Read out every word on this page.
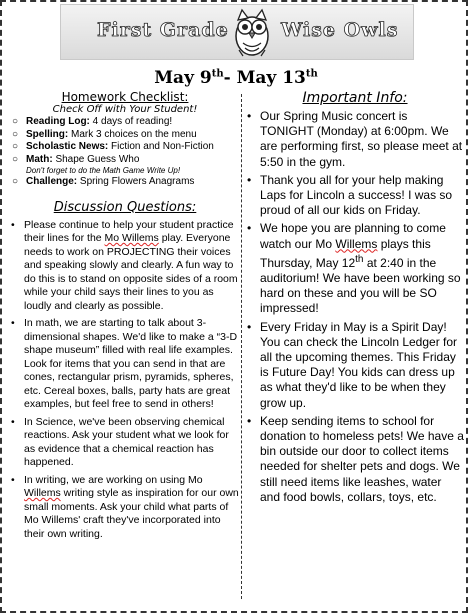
First Grade	Wise Owls
May 9th- May 13th
Homework Checklist:
Check Off with Your Student!
○ Reading Log: 4 days of reading!
○ Spelling: Mark 3 choices on the menu
○ Scholastic News: Fiction and Non-Fiction
○ Math: Shape Guess Who
Don't forget to do the Math Game Write Up!
○ Challenge: Spring Flowers Anagrams
Discussion Questions:
• Please continue to help your student practice their lines for the Mo Willems play. Everyone needs to work on PROJECTING their voices and speaking slowly and clearly. A fun way to do this is to stand on opposite sides of a room while your child says their lines to you as loudly and clearly as possible.
• In math, we are starting to talk about 3-dimensional shapes. We'd like to make a “3-D shape museum” filled with real life examples. Look for items that you can send in that are cones, rectangular prism, pyramids, spheres, etc. Cereal boxes, balls, party hats are great examples, but feel free to send in others!
• In Science, we've been observing chemical reactions. Ask your student what we look for as evidence that a chemical reaction has happened.
• In writing, we are working on using Mo Willems writing style as inspiration for our own small moments. Ask your child what parts of Mo Willems' craft they've incorporated into their own writing.
Important Info:
• Our Spring Music concert is TONIGHT (Monday) at 6:00pm. We are performing first, so please meet at 5:50 in the gym.
• Thank you all for your help making Laps for Lincoln a success! I was so proud of all our kids on Friday.
• We hope you are planning to come watch our Mo Willems plays this Thursday, May 12th at 2:40 in the auditorium! We have been working so hard on these and you will be SO impressed!
• Every Friday in May is a Spirit Day! You can check the Lincoln Ledger for all the upcoming themes. This Friday is Future Day! You kids can dress up as what they'd like to be when they grow up.
• Keep sending items to school for donation to homeless pets! We have a bin outside our door to collect items needed for shelter pets and dogs. We still need items like leashes, water and food bowls, collars, toys, etc.
